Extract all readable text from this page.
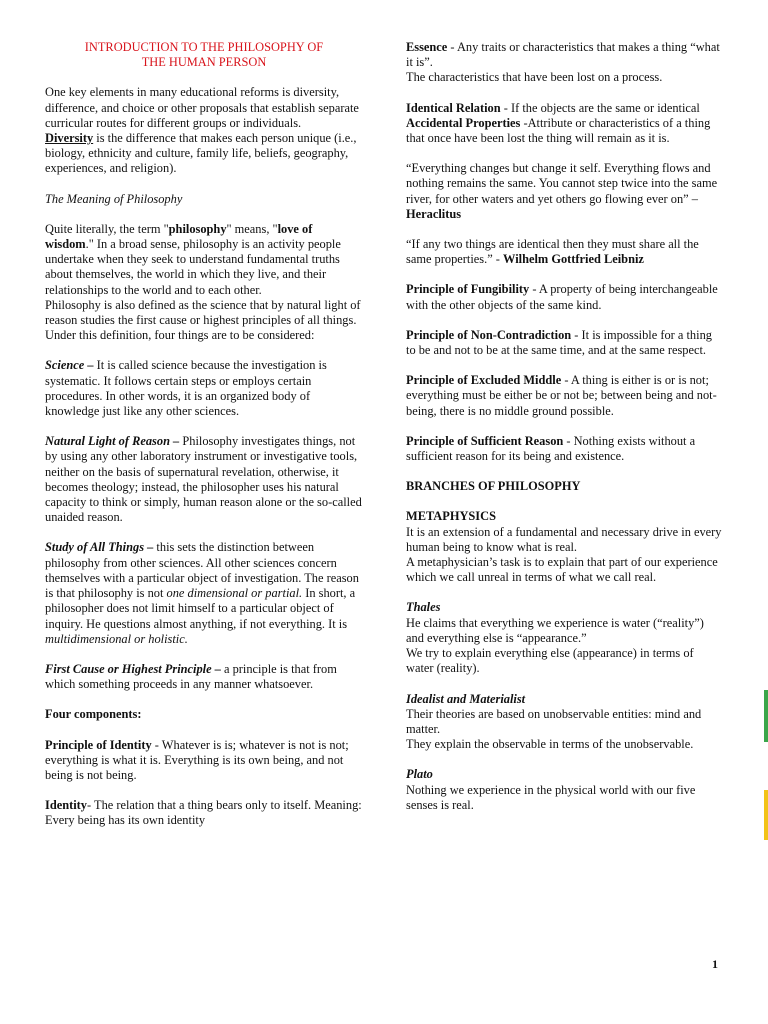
INTRODUCTION TO THE PHILOSOPHY OF
THE HUMAN PERSON

One key elements in many educational reforms is diversity, difference, and choice or other proposals that establish separate curricular routes for different groups or individuals.

Diversity is the difference that makes each person unique (i.e., biology, ethnicity and culture, family life, beliefs, geography, experiences, and religion).

The Meaning of Philosophy

Quite literally, the term "philosophy" means, "love of wisdom." In a broad sense, philosophy is an activity people undertake when they seek to understand fundamental truths about themselves, the world in which they live, and their relationships to the world and to each other.

Philosophy is also defined as the science that by natural light of reason studies the first cause or highest principles of all things. Under this definition, four things are to be considered:

Science – It is called science because the investigation is systematic. It follows certain steps or employs certain procedures. In other words, it is an organized body of knowledge just like any other sciences.

Natural Light of Reason – Philosophy investigates things, not by using any other laboratory instrument or investigative tools, neither on the basis of supernatural revelation, otherwise, it becomes theology; instead, the philosopher uses his natural capacity to think or simply, human reason alone or the so-called unaided reason.

Study of All Things – this sets the distinction between philosophy from other sciences. All other sciences concern themselves with a particular object of investigation. The reason is that philosophy is not one dimensional or partial. In short, a philosopher does not limit himself to a particular object of inquiry. He questions almost anything, if not everything. It is multidimensional or holistic.

First Cause or Highest Principle – a principle is that from which something proceeds in any manner whatsoever.

Four components:

Principle of Identity - Whatever is is; whatever is not is not; everything is what it is. Everything is its own being, and not being is not being.

Identity- The relation that a thing bears only to itself. Meaning: Every being has its own identity

Essence - Any traits or characteristics that makes a thing “what it is”.
The characteristics that have been lost on a process.

Identical Relation - If the objects are the same or identical

Accidental Properties -Attribute or characteristics of a thing that once have been lost the thing will remain as it is.

“Everything changes but change it self. Everything flows and nothing remains the same. You cannot step twice into the same river, for other waters and yet others go flowing ever on” – Heraclitus

“If any two things are identical then they must share all the same properties.” - Wilhelm Gottfried Leibniz

Principle of Fungibility - A property of being interchangeable with the other objects of the same kind.

Principle of Non-Contradiction - It is impossible for a thing to be and not to be at the same time, and at the same respect.

Principle of Excluded Middle - A thing is either is or is not; everything must be either be or not be; between being and not-being, there is no middle ground possible.

Principle of Sufficient Reason - Nothing exists without a sufficient reason for its being and existence.

BRANCHES OF PHILOSOPHY

METAPHYSICS

It is an extension of a fundamental and necessary drive in every human being to know what is real.

A metaphysician’s task is to explain that part of our experience which we call unreal in terms of what we call real.

Thales

He claims that everything we experience is water (“reality”) and everything else is “appearance.”

We try to explain everything else (appearance) in terms of water (reality).

Idealist and Materialist

Their theories are based on unobservable entities: mind and matter.

They explain the observable in terms of the unobservable.

Plato

Nothing we experience in the physical world with our five senses is real.

1
